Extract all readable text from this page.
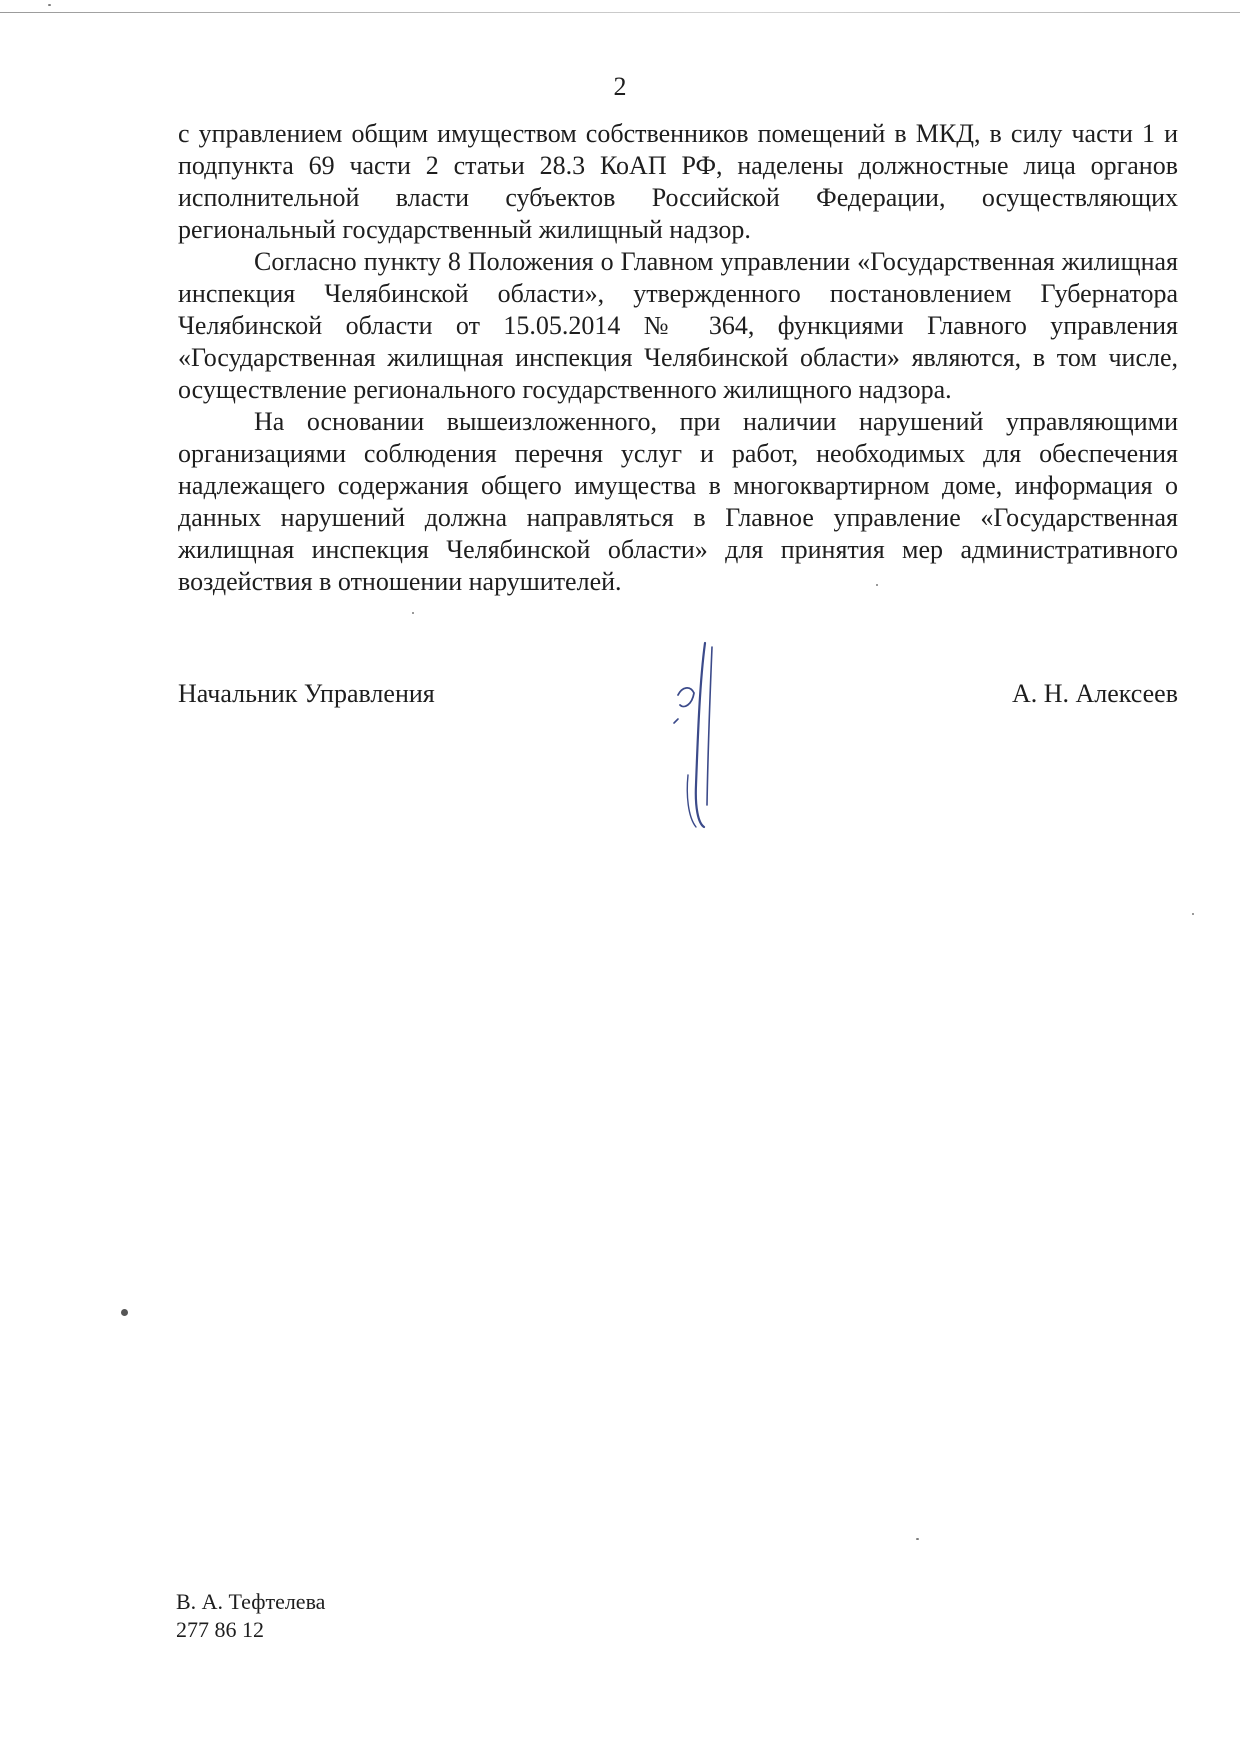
2

с управлением общим имуществом собственников помещений в МКД, в силу части 1 и подпункта 69 части 2 статьи 28.3 КоАП РФ, наделены должностные лица органов исполнительной власти субъектов Российской Федерации, осуществляющих региональный государственный жилищный надзор.

Согласно пункту 8 Положения о Главном управлении «Государственная жилищная инспекция Челябинской области», утвержденного постановлением Губернатора Челябинской области от 15.05.2014 № 364, функциями Главного управления «Государственная жилищная инспекция Челябинской области» являются, в том числе, осуществление регионального государственного жилищного надзора.

На основании вышеизложенного, при наличии нарушений управляющими организациями соблюдения перечня услуг и работ, необходимых для обеспечения надлежащего содержания общего имущества в многоквартирном доме, информация о данных нарушений должна направляться в Главное управление «Государственная жилищная инспекция Челябинской области» для принятия мер административного воздействия в отношении нарушителей.

Начальник Управления	А. Н. Алексеев
В. А. Тефтелева
277 86 12
